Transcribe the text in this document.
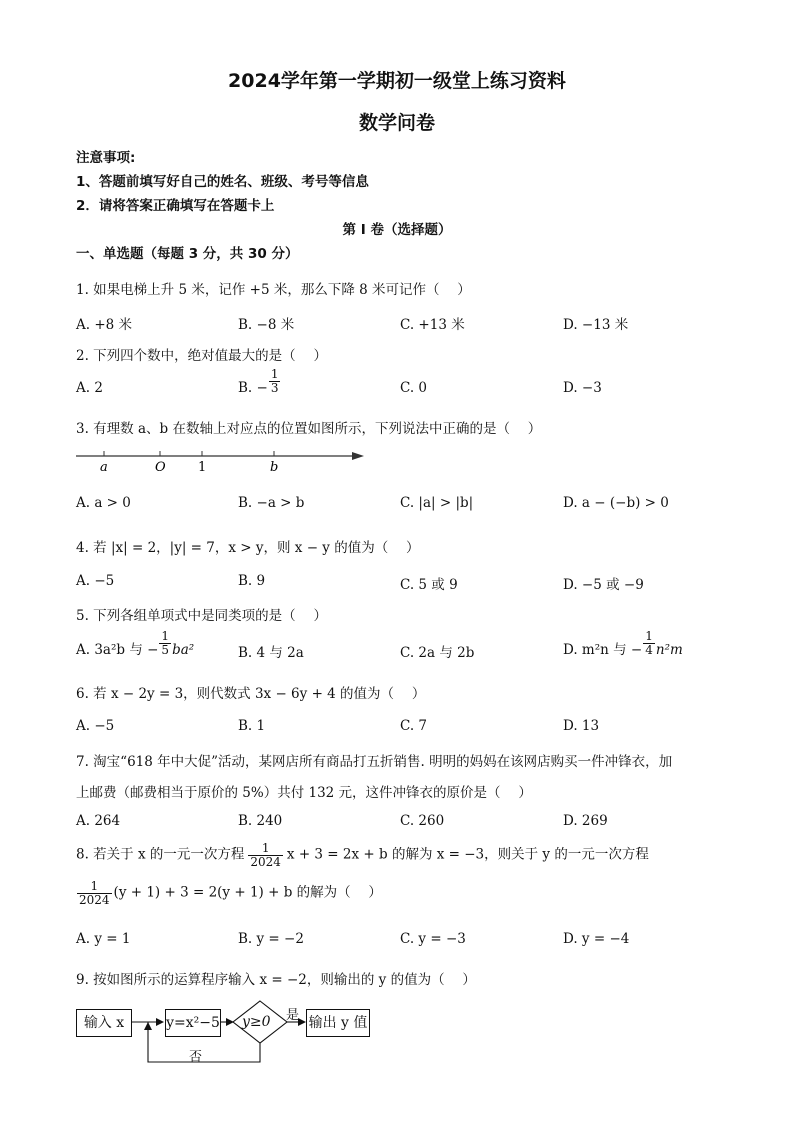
2024学年第一学期初一级堂上练习资料
数学问卷
注意事项:
1、答题前填写好自己的姓名、班级、考号等信息
2．请将答案正确填写在答题卡上
第 I 卷（选择题）
一、单选题（每题 3 分，共 30 分）
1. 如果电梯上升 5 米，记作 +5 米，那么下降 8 米可记作（　 ）
A. +8 米	B. −8 米	C. +13 米	D. −13 米
2. 下列四个数中，绝对值最大的是（　 ）
A. 2	B. − $\frac{1}{3}$	C. 0	D. −3
3. 有理数 a、b 在数轴上对应点的位置如图所示，下列说法中正确的是（　 ）
a	O 1	b
A. a > 0	B. −a > b	C. |a| > |b|	D. a − (−b) > 0
4. 若 |x| = 2，|y| = 7，x > y，则 x − y 的值为（　 ）
A. −5	B. 9	C. 5 或 9	D. −5 或 −9
5. 下列各组单项式中是同类项的是（　 ）
A. 3a²b 与 − $\frac{1}{5} ba^2$	B. 4 与 2a	C. 2a 与 2b	D. m²n 与 − $\frac{1}{4} n^2m$
6. 若 x − 2y = 3，则代数式 3x − 6y + 4 的值为（　 ）
A. −5	B. 1	C. 7	D. 13
7. 淘宝“618 年中大促”活动，某网店所有商品打五折销售. 明明的妈妈在该网店购买一件冲锋衣，加
上邮费（邮费相当于原价的 5%）共付 132 元，这件冲锋衣的原价是（　 ）
A. 264	B. 240	C. 260	D. 269
8. 若关于 x 的一元一次方程 $\frac{1}{2024}$ x + 3 = 2x + b 的解为 x = −3，则关于 y 的一元一次方程
$\frac{1}{2024} (y + 1) + 3 = 2(y + 1) + b$ 的解为（　 ）
A. y = 1	B. y = −2	C. y = −3	D. y = −4
9. 按如图所示的运算程序输入 x = −2，则输出的 y 的值为（　 ）
输入 x	y=x²−5 y≥0 是 输出 y 值
否
